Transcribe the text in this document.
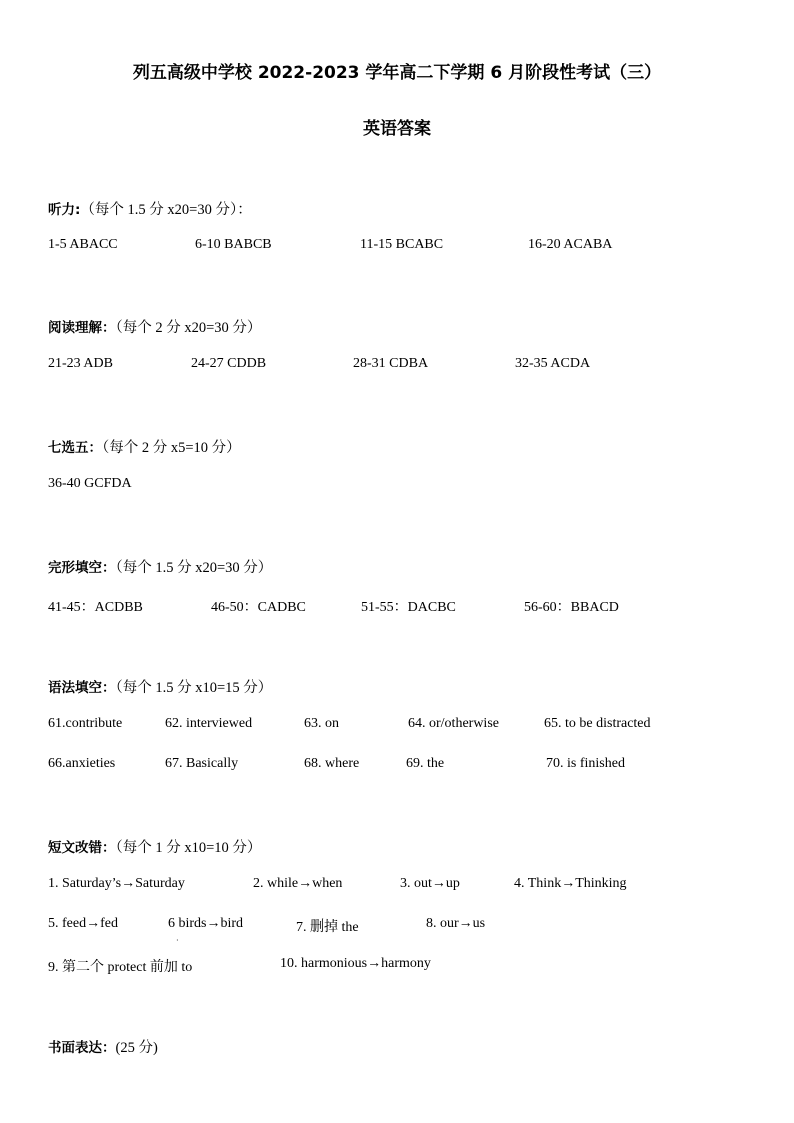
列五高级中学校 2022-2023 学年高二下学期 6 月阶段性考试（三）
英语答案
听力:（每个 1.5 分 x20=30 分）：
1-5 ABACC	6-10 BABCB	11-15 BCABC	16-20 ACABA
阅读理解：（每个 2 分 x20=30 分）
21-23 ADB	24-27 CDDB	28-31 CDBA	32-35 ACDA
七选五：（每个 2 分 x5=10 分）
36-40 GCFDA
完形填空：（每个 1.5 分 x20=30 分）
41-45：ACDBB	46-50：CADBC	51-55：DACBC	56-60：BBACD
语法填空：（每个 1.5 分 x10=15 分）
61.contribute	62. interviewed	63. on	64. or/otherwise	65. to be distracted
66.anxieties	67. Basically	68. where	69. the	70. is finished
短文改错：（每个 1 分 x10=10 分）
1. Saturday’s→Saturday	2. while→when	3. out→up	4. Think→Thinking
5. feed→fed	6 birds→bird	7. 删掉 the	8. our→us
·
9. 第二个 protect 前加 to	10. harmonious→harmony
书面表达：(25 分)
